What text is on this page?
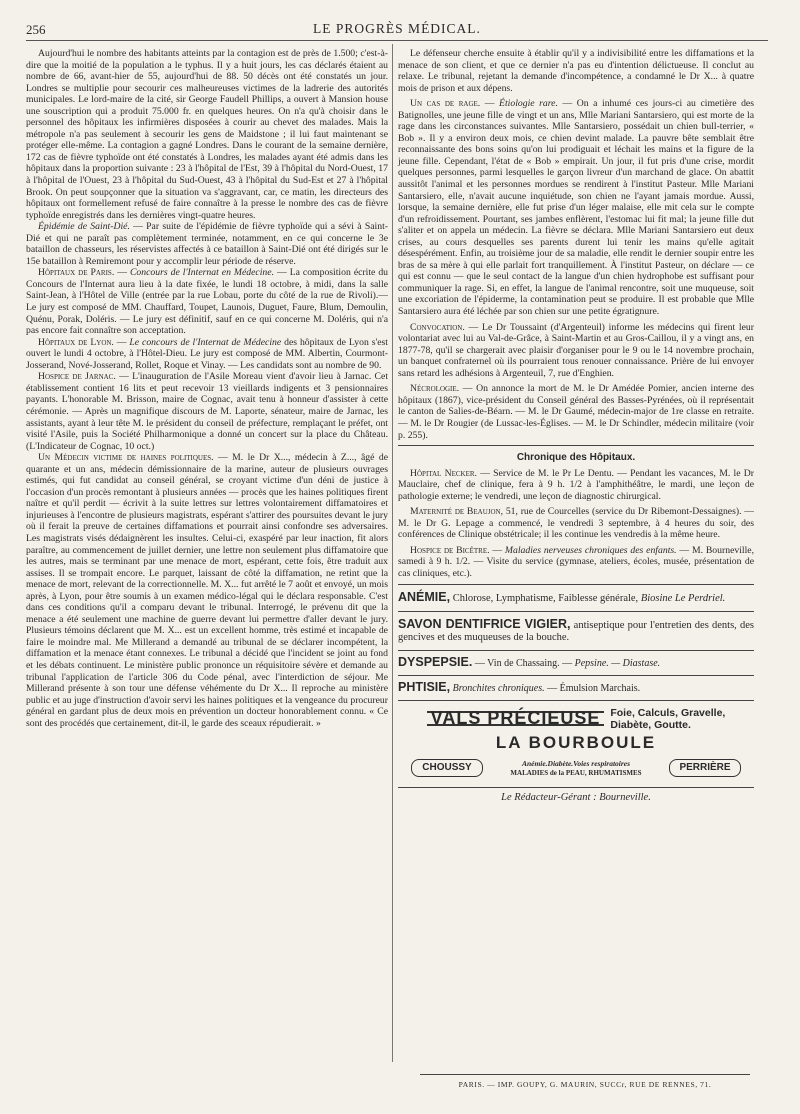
256	LE PROGRÈS MÉDICAL.

Aujourd'hui le nombre des habitants atteints par la contagion est de près de 1.500; c'est-à-dire que la moitié de la population a le typhus. Il y a huit jours, les cas déclarés étaient au nombre de 66, avant-hier de 55, aujourd'hui de 88. 50 décès ont été constatés un jour. Londres se multiplie pour secourir ces malheureuses victimes de la ladrerie des autorités municipales. Le lord-maire de la cité, sir George Faudell Phillips, a ouvert à Mansion house une souscription qui a produit 75.000 fr. en quelques heures. On n'a qu'à choisir dans le personnel des hôpitaux les infirmières disposées à courir au chevet des malades. Mais la métropole n'a pas seulement à secourir les gens de Maidstone ; il lui faut maintenant se protéger elle-même. La contagion a gagné Londres. Dans le courant de la semaine dernière, 172 cas de fièvre typhoïde ont été constatés à Londres, les malades ayant été admis dans les hôpitaux dans la proportion suivante : 23 à l'hôpital de l'Est, 39 à l'hôpital du Nord-Ouest, 17 à l'hôpital de l'Ouest, 23 à l'hôpital du Sud-Ouest, 43 à l'hôpital du Sud-Est et 27 à l'hôpital Brook. On peut soupçonner que la situation va s'aggravant, car, ce matin, les directeurs des hôpitaux ont formellement refusé de faire connaître à la presse le nombre des cas de fièvre typhoïde enregistrés dans les dernières vingt-quatre heures.

Épidémie de Saint-Dié. — Par suite de l'épidémie de fièvre typhoïde qui a sévi à Saint-Dié et qui ne paraît pas complètement terminée, notamment, en ce qui concerne le 3e bataillon de chasseurs, les réservistes affectés à ce bataillon à Saint-Dié ont été dirigés sur le 15e bataillon à Remiremont pour y accomplir leur période de réserve.

Hôpitaux de Paris. — Concours de l'Internat en Médecine. — La composition écrite du Concours de l'Internat aura lieu à la date fixée, le lundi 18 octobre, à midi, dans la salle Saint-Jean, à l'Hôtel de Ville (entrée par la rue Lobau, porte du côté de la rue de Rivoli).— Le jury est composé de MM. Chauffard, Toupet, Launois, Duguet, Faure, Blum, Demoulin, Quénu, Porak, Doléris. — Le jury est définitif, sauf en ce qui concerne M. Doléris, qui n'a pas encore fait connaître son acceptation.

Hôpitaux de Lyon. — Le concours de l'Internat de Médecine des hôpitaux de Lyon s'est ouvert le lundi 4 octobre, à l'Hôtel-Dieu. Le jury est composé de MM. Albertin, Courmont-Josserand, Nové-Josserand, Rollet, Roque et Vinay. — Les candidats sont au nombre de 90.

Hospice de Jarnac. — L'inauguration de l'Asile Moreau vient d'avoir lieu à Jarnac. Cet établissement contient 16 lits et peut recevoir 13 vieillards indigents et 3 pensionnaires payants. L'honorable M. Brisson, maire de Cognac, avait tenu à honneur d'assister à cette cérémonie. — Après un magnifique discours de M. Laporte, sénateur, maire de Jarnac, les assistants, ayant à leur tête M. le président du conseil de préfecture, remplaçant le préfet, ont visité l'Asile, puis la Société Philharmonique a donné un concert sur la place du Château. (L'Indicateur de Cognac, 10 oct.)

Un Médecin victime de haines politiques. — M. le Dr X..., médecin à Z..., âgé de quarante et un ans, médecin démissionnaire de la marine, auteur de plusieurs ouvrages estimés, qui fut candidat au conseil général, se croyant victime d'un déni de justice à l'occasion d'un procès remontant à plusieurs années — procès que les haines politiques firent naître et qu'il perdit — écrivit à la suite lettres sur lettres volontairement diffamatoires et injurieuses à l'encontre de plusieurs magistrats, espérant s'attirer des poursuites devant le jury où il ferait la preuve de certaines diffamations et pourrait ainsi confondre ses adversaires. Les magistrats visés dédaignèrent les insultes. Celui-ci, exaspéré par leur inaction, fit alors paraître, au commencement de juillet dernier, une lettre non seulement plus diffamatoire que les autres, mais se terminant par une menace de mort, espérant, cette fois, être traduit aux assises. Il se trompait encore. Le parquet, laissant de côté la diffamation, ne retint que la menace de mort, relevant de la correctionnelle. M. X... fut arrêté le 7 août et envoyé, un mois après, à Lyon, pour être soumis à un examen médico-légal qui le déclara responsable. C'est dans ces conditions qu'il a comparu devant le tribunal. Interrogé, le prévenu dit que la menace a été seulement une machine de guerre devant lui permettre d'aller devant le jury. Plusieurs témoins déclarent que M. X... est un excellent homme, très estimé et incapable de faire le moindre mal. Me Millerand a demandé au tribunal de se déclarer incompétent, la diffamation et la menace étant connexes. Le tribunal a décidé que l'incident se joint au fond et les débats continuent. Le ministère public prononce un réquisitoire sévère et demande au tribunal l'application de l'article 306 du Code pénal, avec l'interdiction de séjour. Me Millerand présente à son tour une défense véhémente du Dr X... Il reproche au ministère public et au juge d'instruction d'avoir servi les haines politiques et la vengeance du procureur général en gardant plus de deux mois en prévention un docteur honorablement connu. « Ce sont des procédés que certainement, dit-il, le garde des sceaux répudierait. »

Le défenseur cherche ensuite à établir qu'il y a indivisibilité entre les diffamations et la menace de son client, et que ce dernier n'a pas eu d'intention délictueuse. Il conclut au relaxe. Le tribunal, rejetant la demande d'incompétence, a condamné le Dr X... à quatre mois de prison et aux dépens.

Un cas de rage. — Étiologie rare. — On a inhumé ces jours-ci au cimetière des Batignolles, une jeune fille de vingt et un ans, Mlle Mariani Santarsiero, qui est morte de la rage dans les circonstances suivantes. Mlle Santarsiero, possédait un chien bull-terrier, « Bob ». Il y a environ deux mois, ce chien devint malade. La pauvre bête semblait être reconnaissante des bons soins qu'on lui prodiguait et léchait les mains et la figure de la jeune fille. Cependant, l'état de « Bob » empirait. Un jour, il fut pris d'une crise, mordit quelques personnes, parmi lesquelles le garçon livreur d'un marchand de glace. On abattit aussitôt l'animal et les personnes mordues se rendirent à l'institut Pasteur. Mlle Mariani Santarsiero, elle, n'avait aucune inquiétude, son chien ne l'ayant jamais mordue. Aussi, lorsque, la semaine dernière, elle fut prise d'un léger malaise, elle mit cela sur le compte d'un refroidissement. Pourtant, ses jambes enflèrent, l'estomac lui fit mal; la jeune fille dut s'aliter et on appela un médecin. La fièvre se déclara. Mlle Mariani Santarsiero eut deux crises, au cours desquelles ses parents durent lui tenir les mains qu'elle agitait désespérément. Enfin, au troisième jour de sa maladie, elle rendit le dernier soupir entre les bras de sa mère à qui elle parlait fort tranquillement. À l'institut Pasteur, on déclare — ce qui est connu — que le seul contact de la langue d'un chien hydrophobe est suffisant pour communiquer la rage. Si, en effet, la langue de l'animal rencontre, soit une muqueuse, soit une excoriation de l'épiderme, la contamination peut se produire. Il est probable que Mlle Santarsiero aura été léchée par son chien sur une petite égratignure.

Convocation. — Le Dr Toussaint (d'Argenteuil) informe les médecins qui firent leur volontariat avec lui au Val-de-Grâce, à Saint-Martin et au Gros-Caillou, il y a vingt ans, en 1877-78, qu'il se chargerait avec plaisir d'organiser pour le 9 ou le 14 novembre prochain, un banquet confraternel où ils pourraient tous renouer connaissance. Prière de lui envoyer sans retard les adhésions à Argenteuil, 7, rue d'Enghien.

Nécrologie. — On annonce la mort de M. le Dr Amédée Pomier, ancien interne des hôpitaux (1867), vice-président du Conseil général des Basses-Pyrénées, où il représentait le canton de Salies-de-Béarn. — M. le Dr Gaumé, médecin-major de 1re classe en retraite. — M. le Dr Rougier (de Lussac-les-Églises. — M. le Dr Schindler, médecin militaire (voir p. 255).

Chronique des Hôpitaux.

Hôpital Necker. — Service de M. le Pr Le Dentu. — Pendant les vacances, M. le Dr Mauclaire, chef de clinique, fera à 9 h. 1/2 à l'amphithéâtre, le mardi, une leçon de pathologie externe; le vendredi, une leçon de diagnostic chirurgical.

Maternité de Beaujon, 51, rue de Courcelles (service du Dr Ribemont-Dessaignes). — M. le Dr G. Lepage a commencé, le vendredi 3 septembre, à 4 heures du soir, des conférences de Clinique obstétricale; il les continue les vendredis à la même heure.

Hospice de Bicêtre. — Maladies nerveuses chroniques des enfants. — M. Bourneville, samedi à 9 h. 1/2. — Visite du service (gymnase, ateliers, écoles, musée, présentation de cas cliniques, etc.).

ANÉMIE, Chlorose, Lymphatisme, Faiblesse générale, Biosine Le Perdriel.
SAVON DENTIFRICE VIGIER, antiseptique pour l'entretien des dents, des gencives et des muqueuses de la bouche.
DYSPEPSIE. — Vin de Chassaing. — Pepsine. — Diastase.
PHTISIE, Bronchites chroniques. — Émulsion Marchais.
VALS PRÉCIEUSE Foie, Calculs, Gravelle,
Diabète, Goutte.
LA BOURBOULE
CHOUSSY	Anémie.Diabète.Voies respiratoires
MALADIES de la PEAU, RHUMATISMES	PERRIÈRE
Le Rédacteur-Gérant : Bourneville.
PARIS. — IMP. GOUPY, G. MAURIN, SUCCr, RUE DE RENNES, 71.
